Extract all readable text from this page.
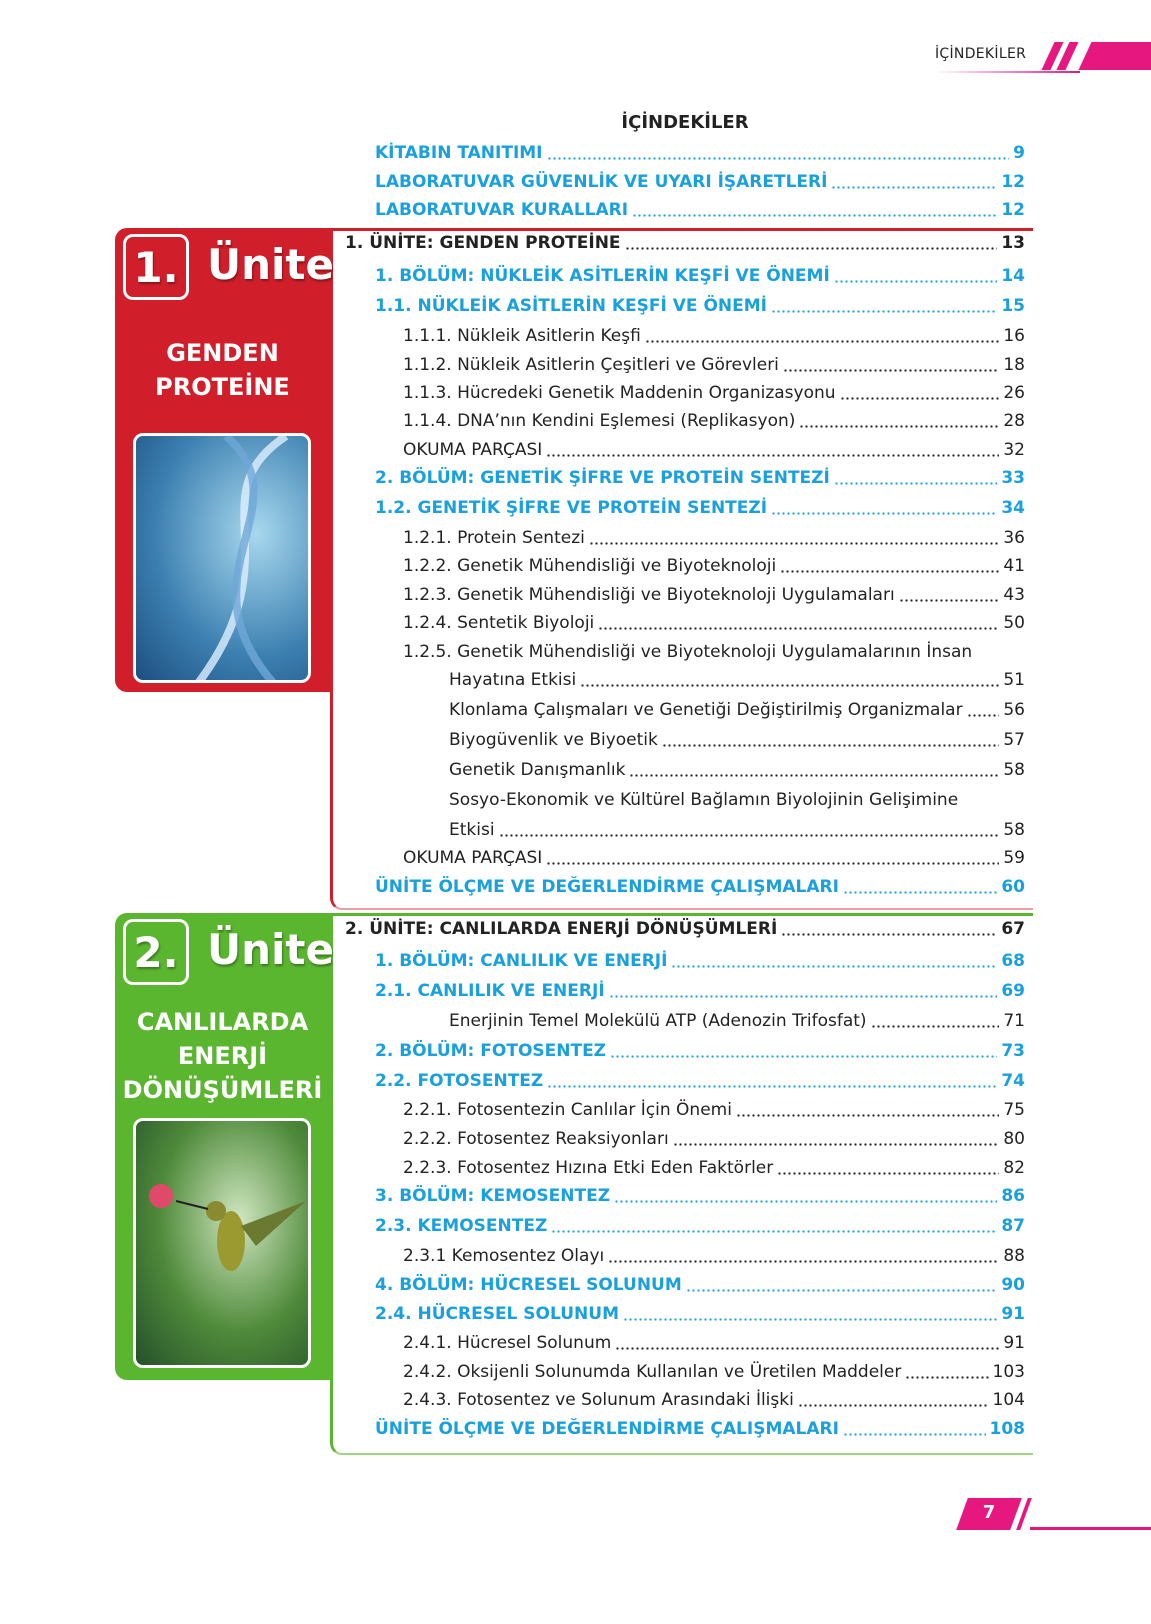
İÇİNDEKİLER
İÇİNDEKİLER
1. Ünite
GENDEN
PROTEİNE
2. Ünite
CANLILARDA
ENERJİ
DÖNÜŞÜMLERİ
KİTABIN TANITIMI	9
LABORATUVAR GÜVENLİK VE UYARI İŞARETLERİ	12
LABORATUVAR KURALLARI	12
1. ÜNİTE: GENDEN PROTEİNE	13
1. BÖLÜM: NÜKLEİK ASİTLERİN KEŞFİ VE ÖNEMİ	14
1.1. NÜKLEİK ASİTLERİN KEŞFİ VE ÖNEMİ	15
1.1.1. Nükleik Asitlerin Keşfi	16
1.1.2. Nükleik Asitlerin Çeşitleri ve Görevleri	18
1.1.3. Hücredeki Genetik Maddenin Organizasyonu	26
1.1.4. DNA’nın Kendini Eşlemesi (Replikasyon)	28
OKUMA PARÇASI	32
2. BÖLÜM: GENETİK ŞİFRE VE PROTEİN SENTEZİ	33
1.2. GENETİK ŞİFRE VE PROTEİN SENTEZİ	34
1.2.1. Protein Sentezi	36
1.2.2. Genetik Mühendisliği ve Biyoteknoloji	41
1.2.3. Genetik Mühendisliği ve Biyoteknoloji Uygulamaları	43
1.2.4. Sentetik Biyoloji	50
1.2.5. Genetik Mühendisliği ve Biyoteknoloji Uygulamalarının İnsan
Hayatına Etkisi	51
Klonlama Çalışmaları ve Genetiği Değiştirilmiş Organizmalar 56
Biyogüvenlik ve Biyoetik	57
Genetik Danışmanlık	58
Sosyo-Ekonomik ve Kültürel Bağlamın Biyolojinin Gelişimine
Etkisi	58
OKUMA PARÇASI	59
ÜNİTE ÖLÇME VE DEĞERLENDİRME ÇALIŞMALARI	60
2. ÜNİTE: CANLILARDA ENERJİ DÖNÜŞÜMLERİ	67
1. BÖLÜM: CANLILIK VE ENERJİ	68
2.1. CANLILIK VE ENERJİ	69
Enerjinin Temel Molekülü ATP (Adenozin Trifosfat)	71
2. BÖLÜM: FOTOSENTEZ	73
2.2. FOTOSENTEZ	74
2.2.1. Fotosentezin Canlılar İçin Önemi	75
2.2.2. Fotosentez Reaksiyonları	80
2.2.3. Fotosentez Hızına Etki Eden Faktörler	82
3. BÖLÜM: KEMOSENTEZ	86
2.3. KEMOSENTEZ	87
2.3.1 Kemosentez Olayı	88
4. BÖLÜM: HÜCRESEL SOLUNUM	90
2.4. HÜCRESEL SOLUNUM	91
2.4.1. Hücresel Solunum	91
2.4.2. Oksijenli Solunumda Kullanılan ve Üretilen Maddeler	103
2.4.3. Fotosentez ve Solunum Arasındaki İlişki	104
ÜNİTE ÖLÇME VE DEĞERLENDİRME ÇALIŞMALARI	108
7
